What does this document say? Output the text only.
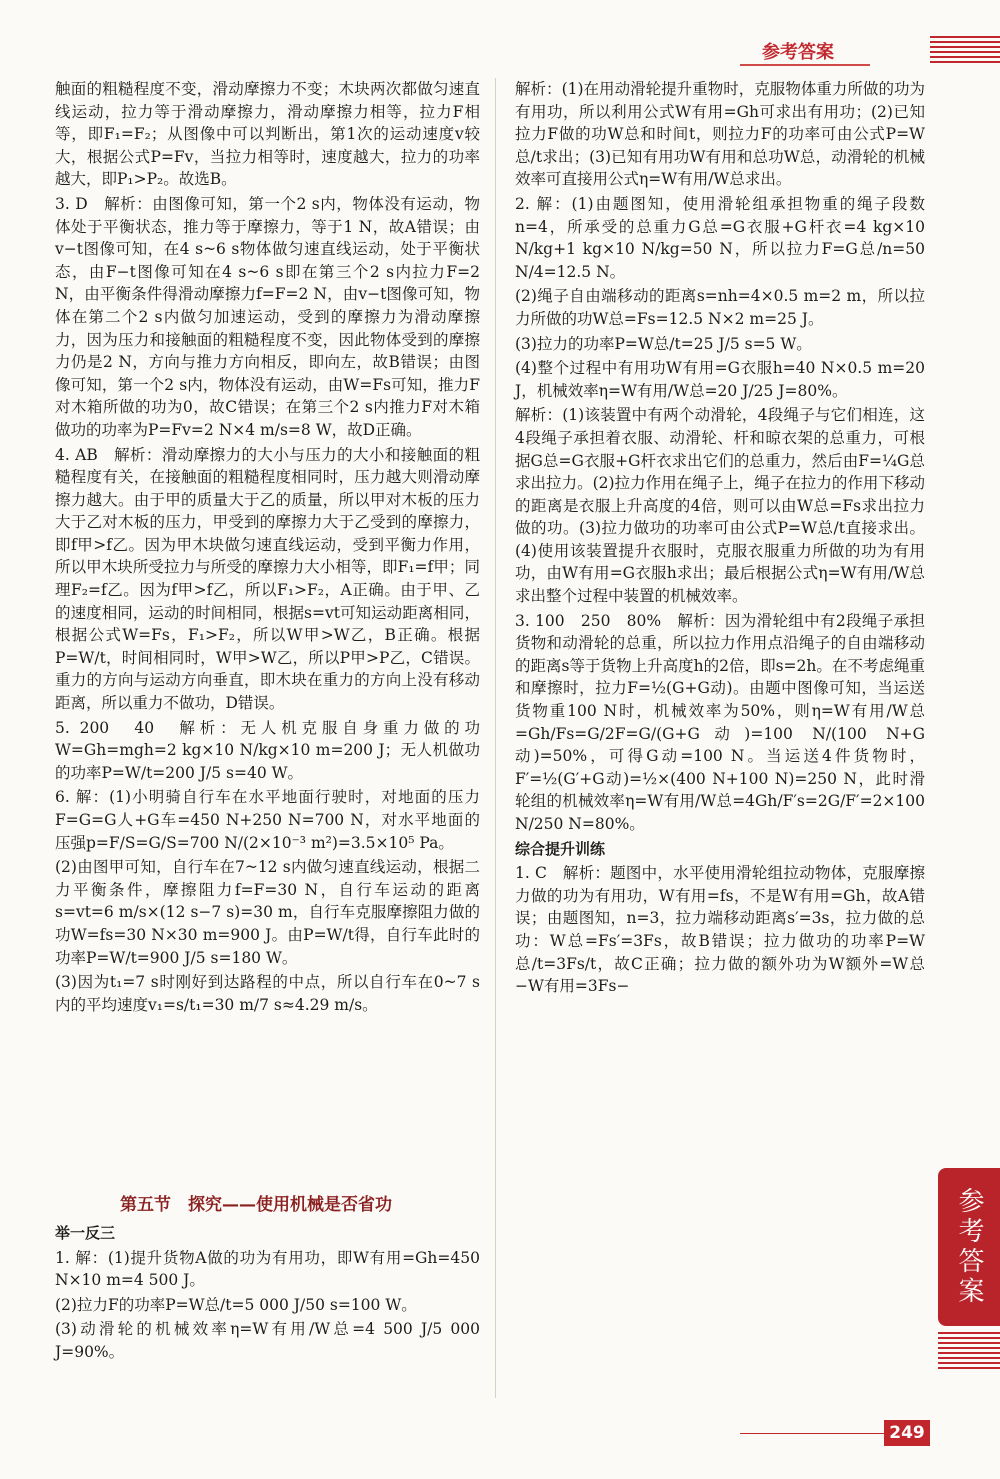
参考答案

触面的粗糙程度不变，滑动摩擦力不变；木块两次都做匀速直线运动，拉力等于滑动摩擦力，滑动摩擦力相等，拉力F相等，即F₁=F₂；从图像中可以判断出，第1次的运动速度v较大，根据公式P=Fv，当拉力相等时，速度越大，拉力的功率越大，即P₁>P₂。故选B。

3. D　解析：由图像可知，第一个2 s内，物体没有运动，物体处于平衡状态，推力等于摩擦力，等于1 N，故A错误；由v−t图像可知，在4 s~6 s物体做匀速直线运动，处于平衡状态，由F−t图像可知在4 s~6 s即在第三个2 s内拉力F=2 N，由平衡条件得滑动摩擦力f=F=2 N，由v−t图像可知，物体在第二个2 s内做匀加速运动，受到的摩擦力为滑动摩擦力，因为压力和接触面的粗糙程度不变，因此物体受到的摩擦力仍是2 N，方向与推力方向相反，即向左，故B错误；由图像可知，第一个2 s内，物体没有运动，由W=Fs可知，推力F对木箱所做的功为0，故C错误；在第三个2 s内推力F对木箱做功的功率为P=Fv=2 N×4 m/s=8 W，故D正确。

4. AB　解析：滑动摩擦力的大小与压力的大小和接触面的粗糙程度有关，在接触面的粗糙程度相同时，压力越大则滑动摩擦力越大。由于甲的质量大于乙的质量，所以甲对木板的压力大于乙对木板的压力，甲受到的摩擦力大于乙受到的摩擦力，即f甲>f乙。因为甲木块做匀速直线运动，受到平衡力作用，所以甲木块所受拉力与所受的摩擦力大小相等，即F₁=f甲；同理F₂=f乙。因为f甲>f乙，所以F₁>F₂，A正确。由于甲、乙的速度相同，运动的时间相同，根据s=vt可知运动距离相同，根据公式W=Fs，F₁>F₂，所以W甲>W乙，B正确。根据P=W/t，时间相同时，W甲>W乙，所以P甲>P乙，C错误。重力的方向与运动方向垂直，即木块在重力的方向上没有移动距离，所以重力不做功，D错误。

5. 200　40　解析：无人机克服自身重力做的功W=Gh=mgh=2 kg×10 N/kg×10 m=200 J；无人机做功的功率P=W/t=200 J/5 s=40 W。

6. 解：(1)小明骑自行车在水平地面行驶时，对地面的压力F=G=G人+G车=450 N+250 N=700 N，对水平地面的压强p=F/S=G/S=700 N/(2×10⁻³ m²)=3.5×10⁵ Pa。

(2)由图甲可知，自行车在7~12 s内做匀速直线运动，根据二力平衡条件，摩擦阻力f=F=30 N，自行车运动的距离s=vt=6 m/s×(12 s−7 s)=30 m，自行车克服摩擦阻力做的功W=fs=30 N×30 m=900 J。由P=W/t得，自行车此时的功率P=W/t=900 J/5 s=180 W。

(3)因为t₁=7 s时刚好到达路程的中点，所以自行车在0~7 s内的平均速度v₁=s/t₁=30 m/7 s≈4.29 m/s。

第五节　探究——使用机械是否省功

举一反三

1. 解：(1)提升货物A做的功为有用功，即W有用=Gh=450 N×10 m=4 500 J。

(2)拉力F的功率P=W总/t=5 000 J/50 s=100 W。

(3)动滑轮的机械效率η=W有用/W总=4 500 J/5 000 J=90%。

解析：(1)在用动滑轮提升重物时，克服物体重力所做的功为有用功，所以利用公式W有用=Gh可求出有用功；(2)已知拉力F做的功W总和时间t，则拉力F的功率可由公式P=W总/t求出；(3)已知有用功W有用和总功W总，动滑轮的机械效率可直接用公式η=W有用/W总求出。

2. 解：(1)由题图知，使用滑轮组承担物重的绳子段数n=4，所承受的总重力G总=G衣服+G杆衣=4 kg×10 N/kg+1 kg×10 N/kg=50 N，所以拉力F=G总/n=50 N/4=12.5 N。

(2)绳子自由端移动的距离s=nh=4×0.5 m=2 m，所以拉力所做的功W总=Fs=12.5 N×2 m=25 J。

(3)拉力的功率P=W总/t=25 J/5 s=5 W。

(4)整个过程中有用功W有用=G衣服h=40 N×0.5 m=20 J，机械效率η=W有用/W总=20 J/25 J=80%。

解析：(1)该装置中有两个动滑轮，4段绳子与它们相连，这4段绳子承担着衣服、动滑轮、杆和晾衣架的总重力，可根据G总=G衣服+G杆衣求出它们的总重力，然后由F=¼G总求出拉力。(2)拉力作用在绳子上，绳子在拉力的作用下移动的距离是衣服上升高度的4倍，则可以由W总=Fs求出拉力做的功。(3)拉力做功的功率可由公式P=W总/t直接求出。(4)使用该装置提升衣服时，克服衣服重力所做的功为有用功，由W有用=G衣服h求出；最后根据公式η=W有用/W总求出整个过程中装置的机械效率。

3. 100　250　80%　解析：因为滑轮组中有2段绳子承担货物和动滑轮的总重，所以拉力作用点沿绳子的自由端移动的距离s等于货物上升高度h的2倍，即s=2h。在不考虑绳重和摩擦时，拉力F=½(G+G动)。由题中图像可知，当运送货物重100 N时，机械效率为50%，则η=W有用/W总=Gh/Fs=G/2F=G/(G+G动)=100 N/(100 N+G动)=50%，可得G动=100 N。当运送4件货物时，F′=½(G′+G动)=½×(400 N+100 N)=250 N，此时滑轮组的机械效率η=W有用/W总=4Gh/F′s=2G/F′=2×100 N/250 N=80%。

综合提升训练

1. C　解析：题图中，水平使用滑轮组拉动物体，克服摩擦力做的功为有用功，W有用=fs，不是W有用=Gh，故A错误；由题图知，n=3，拉力端移动距离s′=3s，拉力做的总功：W总=Fs′=3Fs，故B错误；拉力做功的功率P=W总/t=3Fs/t，故C正确；拉力做的额外功为W额外=W总−W有用=3Fs−

参考答案
249
